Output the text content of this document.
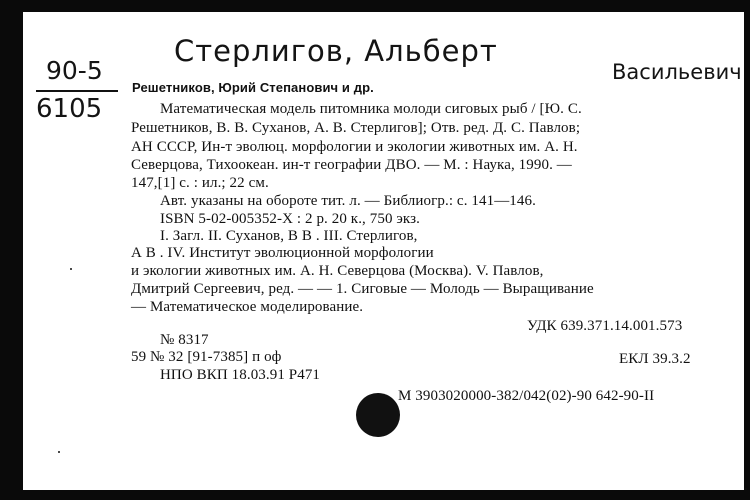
90-5
6105
Стерлигов, Альберт
Васильевич
Решетников, Юрий Степанович и др.
Математическая модель питомника молоди сиговых рыб / [Ю. С.
Решетников, В. В. Суханов, А. В. Стерлигов]; Отв. ред. Д. С. Павлов;
АН СССР, Ин-т эволюц. морфологии и экологии животных им. А. Н.
Северцова, Тихоокеан. ин-т географии ДВО. — М. : Наука, 1990. —
147,[1] с. : ил.; 22 см.
Авт. указаны на обороте тит. л. — Библиогр.: с. 141—146.
ISBN 5-02-005352-X : 2 р. 20 к., 750 экз.
I. Загл. II. Суханов, В В . III. Стерлигов,
А В . IV. Институт эволюционной морфологии
и экологии животных им. А. Н. Северцова (Москва). V. Павлов,
Дмитрий Сергеевич, ред. — — 1. Сиговые — Молодь — Выращивание
— Математическое моделирование.
УДК 639.371.14.001.573
№ 8317
59 № 32 [91-7385] п оф	ЕКЛ 39.3.2
НПО ВКП 18.03.91 Р471
М 3903020000-382/042(02)-90 642-90-II
